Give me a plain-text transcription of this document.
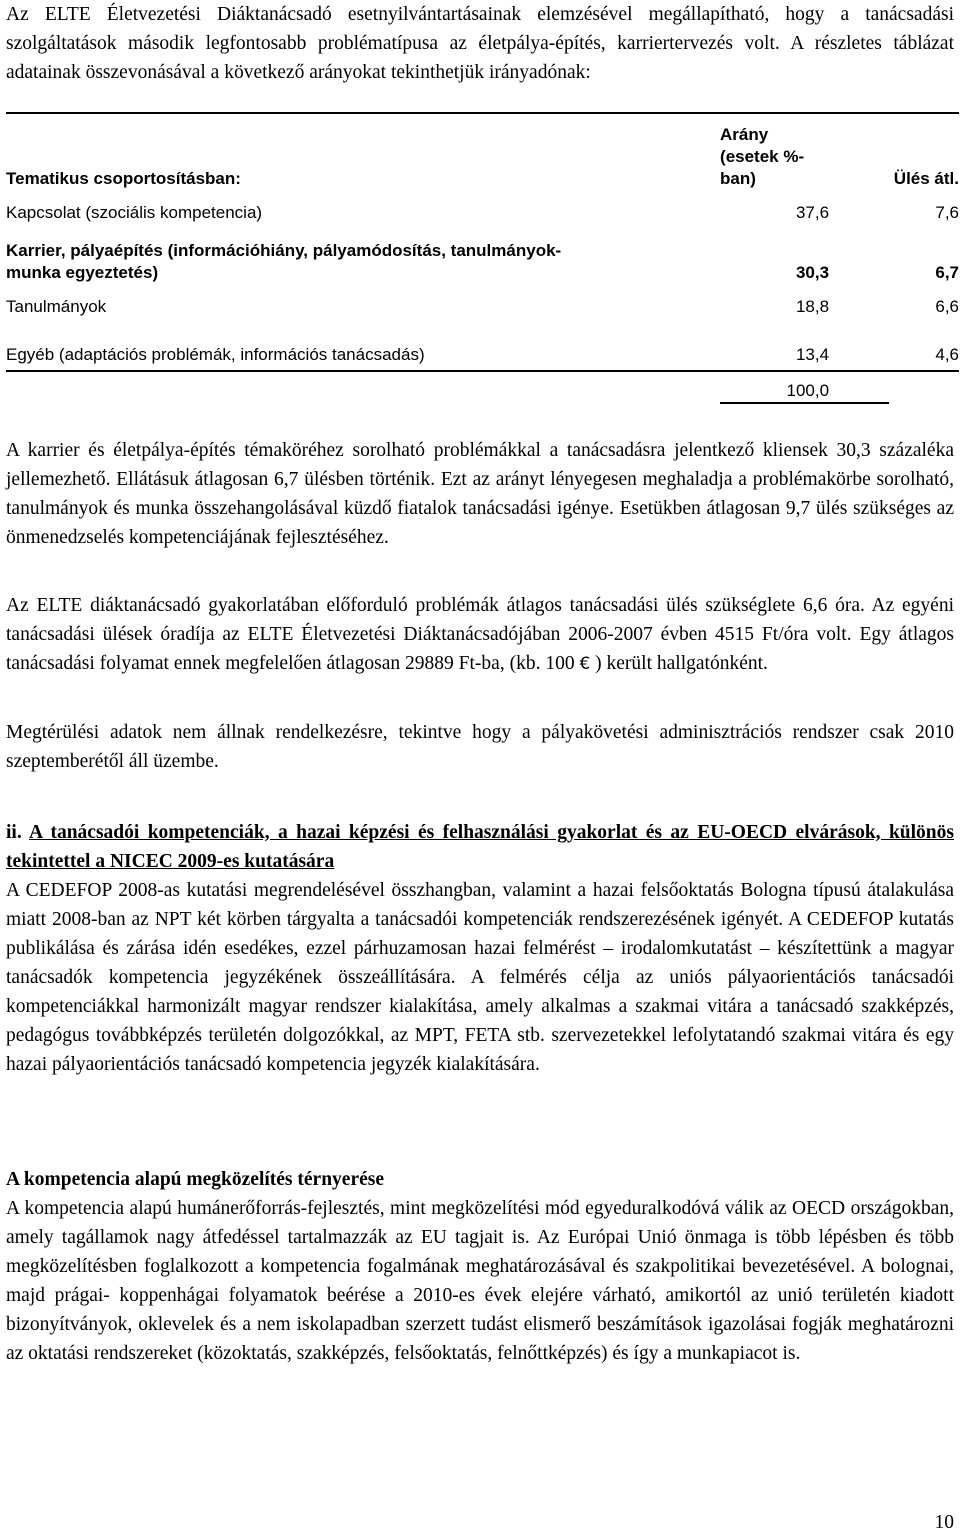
Az ELTE Életvezetési Diáktanácsadó esetnyilvántartásainak elemzésével megállapítható, hogy a tanácsadási szolgáltatások második legfontosabb problématípusa az életpálya-építés, karriertervezés volt. A részletes táblázat adatainak összevonásával a következő arányokat tekinthetjük irányadónak:

Tematikus csoportosításban:	Arány
(esetek %-
ban)	Ülés átl.
Kapcsolat (szociális kompetencia)	37,6	7,6

Karrier, pályaépítés (információhiány, pályamódosítás, tanulmányok-
munka egyeztetés)	30,3	6,7
Tanulmányok	18,8	6,6
Egyéb (adaptációs problémák, információs tanácsadás)	13,4	4,6
	100,0	

A karrier és életpálya-építés témaköréhez sorolható problémákkal a tanácsadásra jelentkező kliensek 30,3 százaléka jellemezhető. Ellátásuk átlagosan 6,7 ülésben történik. Ezt az arányt lényegesen meghaladja a problémakörbe sorolható, tanulmányok és munka összehangolásával küzdő fiatalok tanácsadási igénye. Esetükben átlagosan 9,7 ülés szükséges az önmenedzselés kompetenciájának fejlesztéséhez.

Az ELTE diáktanácsadó gyakorlatában előforduló problémák átlagos tanácsadási ülés szükséglete 6,6 óra. Az egyéni tanácsadási ülések óradíja az ELTE Életvezetési Diáktanácsadójában 2006-2007 évben 4515 Ft/óra volt. Egy átlagos tanácsadási folyamat ennek megfelelően átlagosan 29889 Ft-ba, (kb. 100 € ) került hallgatónként.

Megtérülési adatok nem állnak rendelkezésre, tekintve hogy a pályakövetési adminisztrációs rendszer csak 2010 szeptemberétől áll üzembe.

ii. A tanácsadói kompetenciák, a hazai képzési és felhasználási gyakorlat és az EU-OECD elvárások, különös tekintettel a NICEC 2009-es kutatására

A CEDEFOP 2008-as kutatási megrendelésével összhangban, valamint a hazai felsőoktatás Bologna típusú átalakulása miatt 2008-ban az NPT két körben tárgyalta a tanácsadói kompetenciák rendszerezésének igényét. A CEDEFOP kutatás publikálása és zárása idén esedékes, ezzel párhuzamosan hazai felmérést – irodalomkutatást – készítettünk a magyar tanácsadók kompetencia jegyzékének összeállítására. A felmérés célja az uniós pályaorientációs tanácsadói kompetenciákkal harmonizált magyar rendszer kialakítása, amely alkalmas a szakmai vitára a tanácsadó szakképzés, pedagógus továbbképzés területén dolgozókkal, az MPT, FETA stb. szervezetekkel lefolytatandó szakmai vitára és egy hazai pályaorientációs tanácsadó kompetencia jegyzék kialakítására.

A kompetencia alapú megközelítés térnyerése

A kompetencia alapú humánerőforrás-fejlesztés, mint megközelítési mód egyeduralkodóvá válik az OECD országokban, amely tagállamok nagy átfedéssel tartalmazzák az EU tagjait is. Az Európai Unió önmaga is több lépésben és több megközelítésben foglalkozott a kompetencia fogalmának meghatározásával és szakpolitikai bevezetésével. A bolognai, majd prágai- koppenhágai folyamatok beérése a 2010-es évek elejére várható, amikortól az unió területén kiadott bizonyítványok, oklevelek és a nem iskolapadban szerzett tudást elismerő beszámítások igazolásai fogják meghatározni az oktatási rendszereket (közoktatás, szakképzés, felsőoktatás, felnőttképzés) és így a munkapiacot is.

10
